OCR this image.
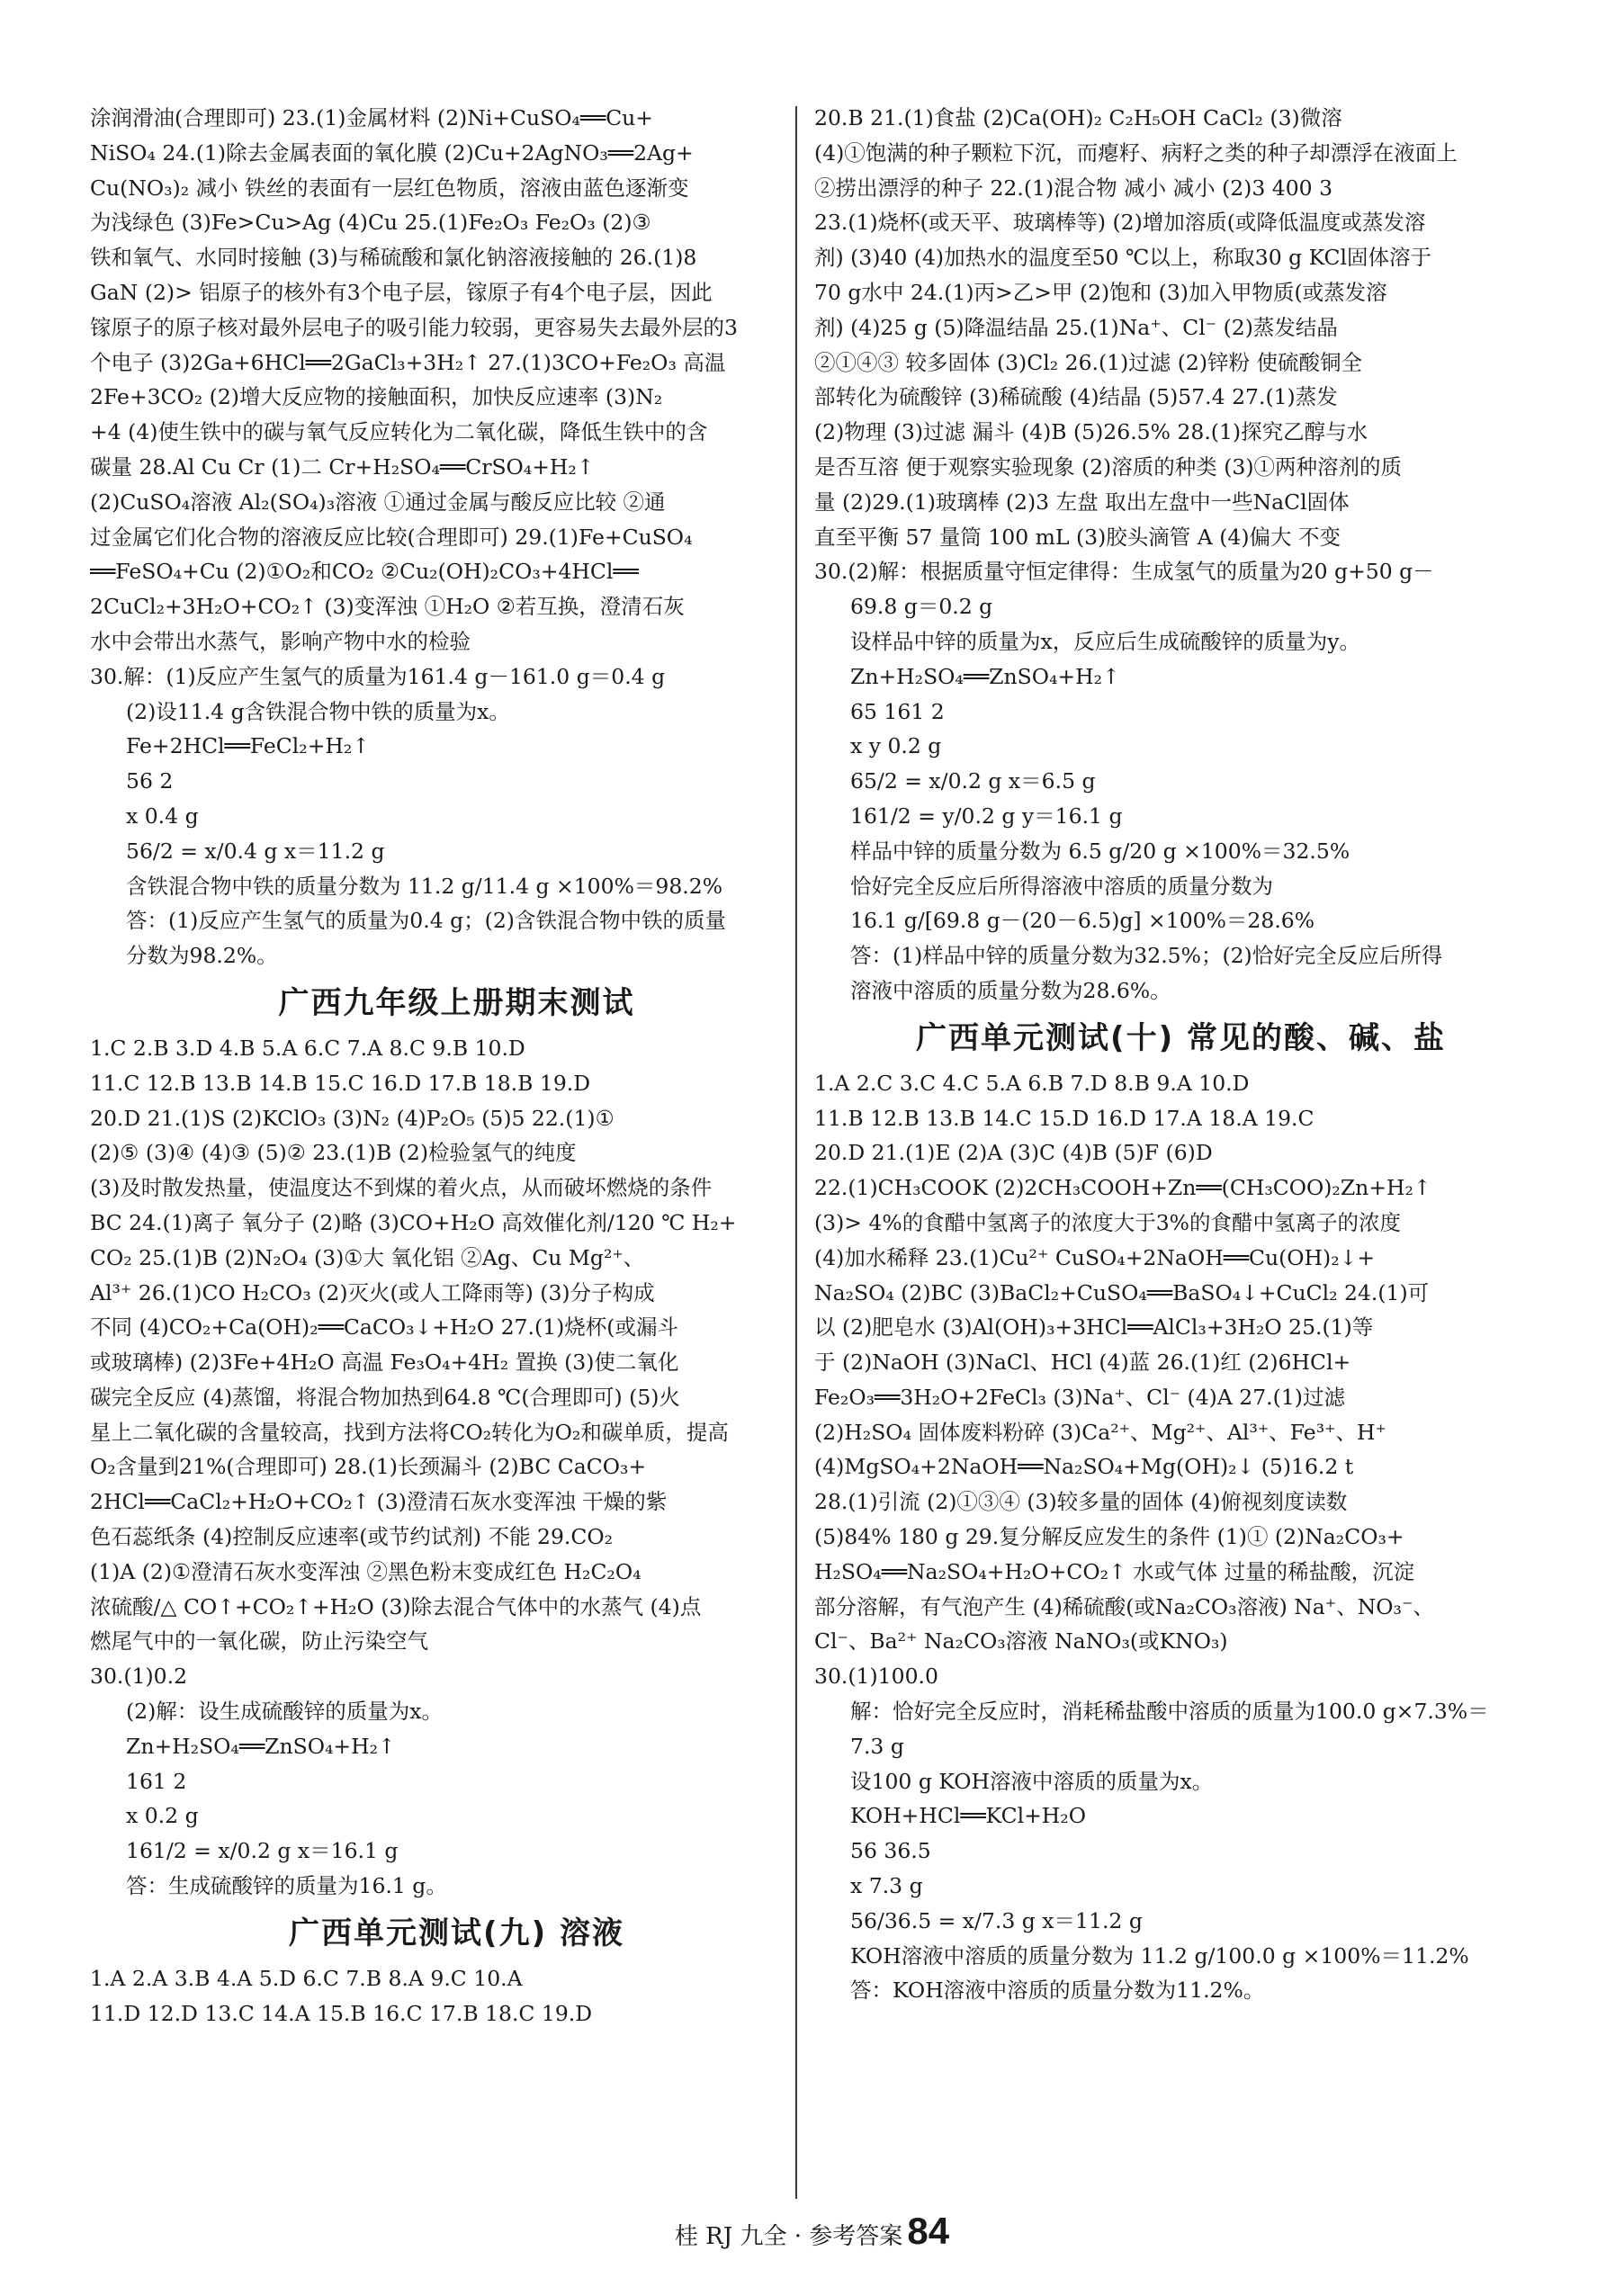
涂润滑油(合理即可) 23.(1)金属材料 (2)Ni+CuSO₄══Cu+
NiSO₄ 24.(1)除去金属表面的氧化膜 (2)Cu+2AgNO₃══2Ag+
Cu(NO₃)₂ 减小 铁丝的表面有一层红色物质，溶液由蓝色逐渐变
为浅绿色 (3)Fe>Cu>Ag (4)Cu 25.(1)Fe₂O₃ Fe₂O₃ (2)③
铁和氧气、水同时接触 (3)与稀硫酸和氯化钠溶液接触的 26.(1)8
GaN (2)> 铝原子的核外有3个电子层，镓原子有4个电子层，因此
镓原子的原子核对最外层电子的吸引能力较弱，更容易失去最外层的3
个电子 (3)2Ga+6HCl══2GaCl₃+3H₂↑ 27.(1)3CO+Fe₂O₃ 高温
2Fe+3CO₂ (2)增大反应物的接触面积，加快反应速率 (3)N₂
+4 (4)使生铁中的碳与氧气反应转化为二氧化碳，降低生铁中的含
碳量 28.Al Cu Cr (1)二 Cr+H₂SO₄══CrSO₄+H₂↑
(2)CuSO₄溶液 Al₂(SO₄)₃溶液 ①通过金属与酸反应比较 ②通
过金属它们化合物的溶液反应比较(合理即可) 29.(1)Fe+CuSO₄
══FeSO₄+Cu (2)①O₂和CO₂ ②Cu₂(OH)₂CO₃+4HCl══
2CuCl₂+3H₂O+CO₂↑ (3)变浑浊 ①H₂O ②若互换，澄清石灰
水中会带出水蒸气，影响产物中水的检验
30.解：(1)反应产生氢气的质量为161.4 g－161.0 g＝0.4 g
(2)设11.4 g含铁混合物中铁的质量为x。
Fe+2HCl══FeCl₂+H₂↑
56 2
x 0.4 g
56/2 = x/0.4 g x＝11.2 g
含铁混合物中铁的质量分数为 11.2 g/11.4 g ×100%＝98.2%
答：(1)反应产生氢气的质量为0.4 g；(2)含铁混合物中铁的质量
分数为98.2%。
广西九年级上册期末测试
1.C 2.B 3.D 4.B 5.A 6.C 7.A 8.C 9.B 10.D
11.C 12.B 13.B 14.B 15.C 16.D 17.B 18.B 19.D
20.D 21.(1)S (2)KClO₃ (3)N₂ (4)P₂O₅ (5)5 22.(1)①
(2)⑤ (3)④ (4)③ (5)② 23.(1)B (2)检验氢气的纯度
(3)及时散发热量，使温度达不到煤的着火点，从而破坏燃烧的条件
BC 24.(1)离子 氧分子 (2)略 (3)CO+H₂O 高效催化剂/120 ℃ H₂+
CO₂ 25.(1)B (2)N₂O₄ (3)①大 氧化铝 ②Ag、Cu Mg²⁺、
Al³⁺ 26.(1)CO H₂CO₃ (2)灭火(或人工降雨等) (3)分子构成
不同 (4)CO₂+Ca(OH)₂══CaCO₃↓+H₂O 27.(1)烧杯(或漏斗
或玻璃棒) (2)3Fe+4H₂O 高温 Fe₃O₄+4H₂ 置换 (3)使二氧化
碳完全反应 (4)蒸馏，将混合物加热到64.8 ℃(合理即可) (5)火
星上二氧化碳的含量较高，找到方法将CO₂转化为O₂和碳单质，提高
O₂含量到21%(合理即可) 28.(1)长颈漏斗 (2)BC CaCO₃+
2HCl══CaCl₂+H₂O+CO₂↑ (3)澄清石灰水变浑浊 干燥的紫
色石蕊纸条 (4)控制反应速率(或节约试剂) 不能 29.CO₂
(1)A (2)①澄清石灰水变浑浊 ②黑色粉末变成红色 H₂C₂O₄
浓硫酸/△ CO↑+CO₂↑+H₂O (3)除去混合气体中的水蒸气 (4)点
燃尾气中的一氧化碳，防止污染空气
30.(1)0.2
(2)解：设生成硫酸锌的质量为x。
Zn+H₂SO₄══ZnSO₄+H₂↑
161 2
x 0.2 g
161/2 = x/0.2 g x＝16.1 g
答：生成硫酸锌的质量为16.1 g。
广西单元测试(九) 溶液
1.A 2.A 3.B 4.A 5.D 6.C 7.B 8.A 9.C 10.A
11.D 12.D 13.C 14.A 15.B 16.C 17.B 18.C 19.D
20.B 21.(1)食盐 (2)Ca(OH)₂ C₂H₅OH CaCl₂ (3)微溶
(4)①饱满的种子颗粒下沉，而瘪籽、病籽之类的种子却漂浮在液面上
②捞出漂浮的种子 22.(1)混合物 减小 减小 (2)3 400 3
23.(1)烧杯(或天平、玻璃棒等) (2)增加溶质(或降低温度或蒸发溶
剂) (3)40 (4)加热水的温度至50 ℃以上，称取30 g KCl固体溶于
70 g水中 24.(1)丙>乙>甲 (2)饱和 (3)加入甲物质(或蒸发溶
剂) (4)25 g (5)降温结晶 25.(1)Na⁺、Cl⁻ (2)蒸发结晶
②①④③ 较多固体 (3)Cl₂ 26.(1)过滤 (2)锌粉 使硫酸铜全
部转化为硫酸锌 (3)稀硫酸 (4)结晶 (5)57.4 27.(1)蒸发
(2)物理 (3)过滤 漏斗 (4)B (5)26.5% 28.(1)探究乙醇与水
是否互溶 便于观察实验现象 (2)溶质的种类 (3)①两种溶剂的质
量 (2)29.(1)玻璃棒 (2)3 左盘 取出左盘中一些NaCl固体
直至平衡 57 量筒 100 mL (3)胶头滴管 A (4)偏大 不变
30.(2)解：根据质量守恒定律得：生成氢气的质量为20 g+50 g－
69.8 g＝0.2 g
设样品中锌的质量为x，反应后生成硫酸锌的质量为y。
Zn+H₂SO₄══ZnSO₄+H₂↑
65 161 2
x y 0.2 g
65/2 = x/0.2 g x＝6.5 g
161/2 = y/0.2 g y＝16.1 g
样品中锌的质量分数为 6.5 g/20 g ×100%＝32.5%
恰好完全反应后所得溶液中溶质的质量分数为
16.1 g/[69.8 g－(20－6.5)g] ×100%＝28.6%
答：(1)样品中锌的质量分数为32.5%；(2)恰好完全反应后所得
溶液中溶质的质量分数为28.6%。
广西单元测试(十) 常见的酸、碱、盐
1.A 2.C 3.C 4.C 5.A 6.B 7.D 8.B 9.A 10.D
11.B 12.B 13.B 14.C 15.D 16.D 17.A 18.A 19.C
20.D 21.(1)E (2)A (3)C (4)B (5)F (6)D
22.(1)CH₃COOK (2)2CH₃COOH+Zn══(CH₃COO)₂Zn+H₂↑
(3)> 4%的食醋中氢离子的浓度大于3%的食醋中氢离子的浓度
(4)加水稀释 23.(1)Cu²⁺ CuSO₄+2NaOH══Cu(OH)₂↓+
Na₂SO₄ (2)BC (3)BaCl₂+CuSO₄══BaSO₄↓+CuCl₂ 24.(1)可
以 (2)肥皂水 (3)Al(OH)₃+3HCl══AlCl₃+3H₂O 25.(1)等
于 (2)NaOH (3)NaCl、HCl (4)蓝 26.(1)红 (2)6HCl+
Fe₂O₃══3H₂O+2FeCl₃ (3)Na⁺、Cl⁻ (4)A 27.(1)过滤
(2)H₂SO₄ 固体废料粉碎 (3)Ca²⁺、Mg²⁺、Al³⁺、Fe³⁺、H⁺
(4)MgSO₄+2NaOH══Na₂SO₄+Mg(OH)₂↓ (5)16.2 t
28.(1)引流 (2)①③④ (3)较多量的固体 (4)俯视刻度读数
(5)84% 180 g 29.复分解反应发生的条件 (1)① (2)Na₂CO₃+
H₂SO₄══Na₂SO₄+H₂O+CO₂↑ 水或气体 过量的稀盐酸，沉淀
部分溶解，有气泡产生 (4)稀硫酸(或Na₂CO₃溶液) Na⁺、NO₃⁻、
Cl⁻、Ba²⁺ Na₂CO₃溶液 NaNO₃(或KNO₃)
30.(1)100.0
解：恰好完全反应时，消耗稀盐酸中溶质的质量为100.0 g×7.3%＝
7.3 g
设100 g KOH溶液中溶质的质量为x。
KOH+HCl══KCl+H₂O
56 36.5
x 7.3 g
56/36.5 = x/7.3 g x＝11.2 g
KOH溶液中溶质的质量分数为 11.2 g/100.0 g ×100%＝11.2%
答：KOH溶液中溶质的质量分数为11.2%。
桂 RJ 九全 · 参考答案 84
